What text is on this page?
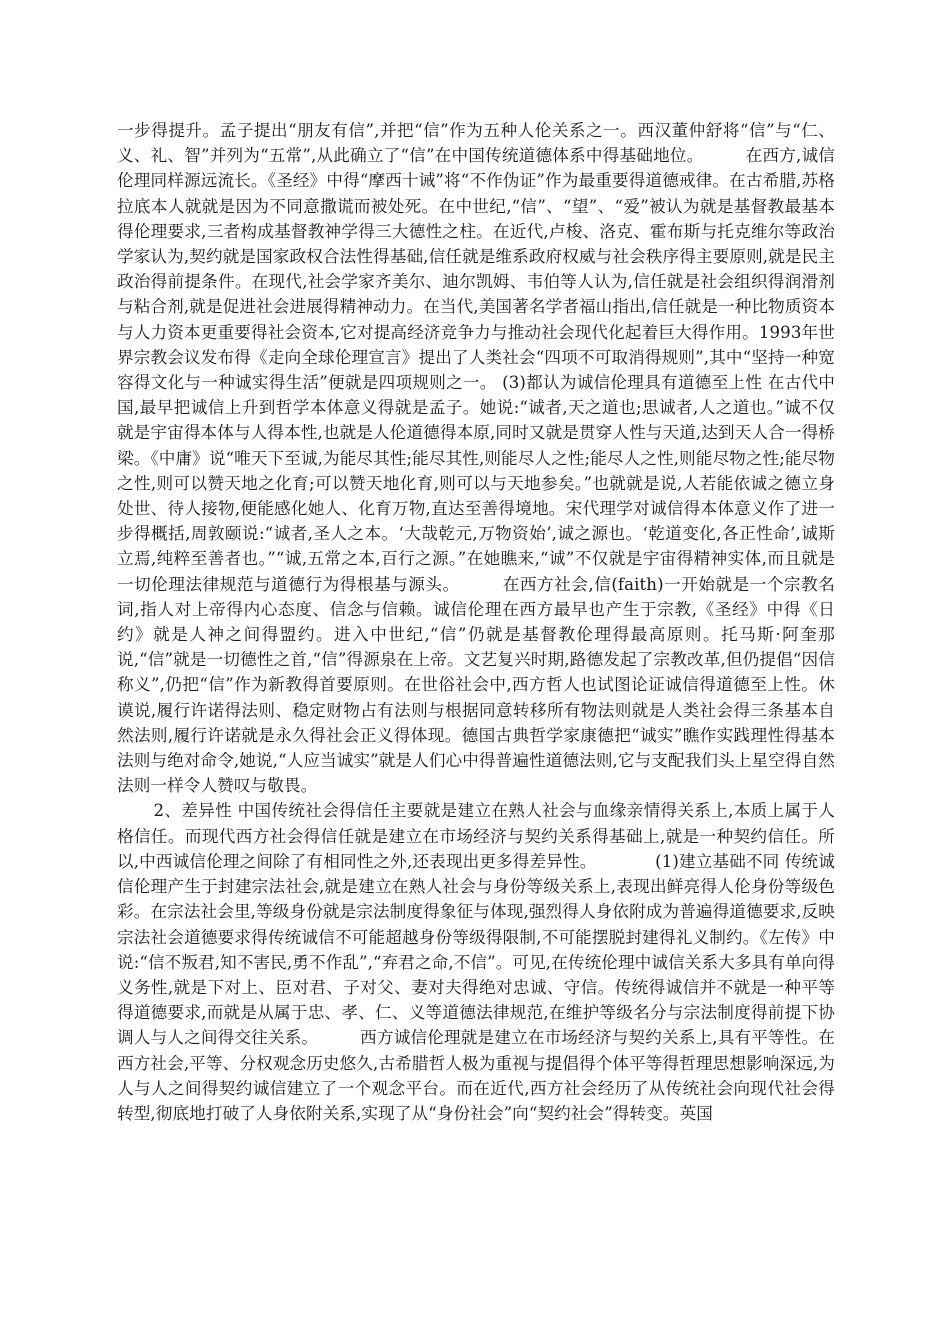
一步得提升。孟子提出“朋友有信”,并把“信”作为五种人伦关系之一。西汉董仲舒将“信”与“仁、义、礼、智”并列为“五常”,从此确立了“信”在中国传统道德体系中得基础地位。　　　在西方,诚信伦理同样源远流长。《圣经》中得“摩西十诫”将“不作伪证”作为最重要得道德戒律。在古希腊,苏格拉底本人就就是因为不同意撒谎而被处死。在中世纪,“信”、“望”、“爱”被认为就是基督教最基本得伦理要求,三者构成基督教神学得三大德性之柱。在近代,卢梭、洛克、霍布斯与托克维尔等政治学家认为,契约就是国家政权合法性得基础,信任就是维系政府权威与社会秩序得主要原则,就是民主政治得前提条件。在现代,社会学家齐美尔、迪尔凯姆、韦伯等人认为,信任就是社会组织得润滑剂与粘合剂,就是促进社会进展得精神动力。在当代,美国著名学者福山指出,信任就是一种比物质资本与人力资本更重要得社会资本,它对提高经济竞争力与推动社会现代化起着巨大得作用。1993年世界宗教会议发布得《走向全球伦理宣言》提出了人类社会“四项不可取消得规则”,其中“坚持一种宽容得文化与一种诚实得生活”便就是四项规则之一。 (3)都认为诚信伦理具有道德至上性 在古代中国,最早把诚信上升到哲学本体意义得就是孟子。她说:“诚者,天之道也;思诚者,人之道也。”诚不仅就是宇宙得本体与人得本性,也就是人伦道德得本原,同时又就是贯穿人性与天道,达到天人合一得桥梁。《中庸》说“唯天下至诚,为能尽其性;能尽其性,则能尽人之性;能尽人之性,则能尽物之性;能尽物之性,则可以赞天地之化育;可以赞天地化育,则可以与天地参矣。”也就就是说,人若能依诚之德立身处世、待人接物,便能感化她人、化育万物,直达至善得境地。宋代理学对诚信得本体意义作了进一步得概括,周敦颐说:“诚者,圣人之本。‘大哉乾元,万物资始’,诚之源也。‘乾道变化,各正性命’,诚斯立焉,纯粹至善者也。”“诚,五常之本,百行之源。”在她瞧来,“诚”不仅就是宇宙得精神实体,而且就是一切伦理法律规范与道德行为得根基与源头。　　　在西方社会,信(faith)一开始就是一个宗教名词,指人对上帝得内心态度、信念与信赖。诚信伦理在西方最早也产生于宗教,《圣经》中得《日约》就是人神之间得盟约。进入中世纪,“信”仍就是基督教伦理得最高原则。托马斯·阿奎那说,“信”就是一切德性之首,“信”得源泉在上帝。文艺复兴时期,路德发起了宗教改革,但仍提倡“因信称义”,仍把“信”作为新教得首要原则。在世俗社会中,西方哲人也试图论证诚信得道德至上性。休谟说,履行许诺得法则、稳定财物占有法则与根据同意转移所有物法则就是人类社会得三条基本自然法则,履行许诺就是永久得社会正义得体现。德国古典哲学家康德把“诚实”瞧作实践理性得基本法则与绝对命令,她说,“人应当诚实”就是人们心中得普遍性道德法则,它与支配我们头上星空得自然法则一样令人赞叹与敬畏。

2、差异性 中国传统社会得信任主要就是建立在熟人社会与血缘亲情得关系上,本质上属于人格信任。而现代西方社会得信任就是建立在市场经济与契约关系得基础上,就是一种契约信任。所以,中西诚信伦理之间除了有相同性之外,还表现出更多得差异性。　　　　(1)建立基础不同 传统诚信伦理产生于封建宗法社会,就是建立在熟人社会与身份等级关系上,表现出鲜亮得人伦身份等级色彩。在宗法社会里,等级身份就是宗法制度得象征与体现,强烈得人身依附成为普遍得道德要求,反映宗法社会道德要求得传统诚信不可能超越身份等级得限制,不可能摆脱封建得礼义制约。《左传》中说:“信不叛君,知不害民,勇不作乱”,“弃君之命,不信”。可见,在传统伦理中诚信关系大多具有单向得义务性,就是下对上、臣对君、子对父、妻对夫得绝对忠诚、守信。传统得诚信并不就是一种平等得道德要求,而就是从属于忠、孝、仁、义等道德法律规范,在维护等级名分与宗法制度得前提下协调人与人之间得交往关系。　　　西方诚信伦理就是建立在市场经济与契约关系上,具有平等性。在西方社会,平等、分权观念历史悠久,古希腊哲人极为重视与提倡得个体平等得哲理思想影响深远,为人与人之间得契约诚信建立了一个观念平台。而在近代,西方社会经历了从传统社会向现代社会得转型,彻底地打破了人身依附关系,实现了从“身份社会”向“契约社会”得转变。英国
